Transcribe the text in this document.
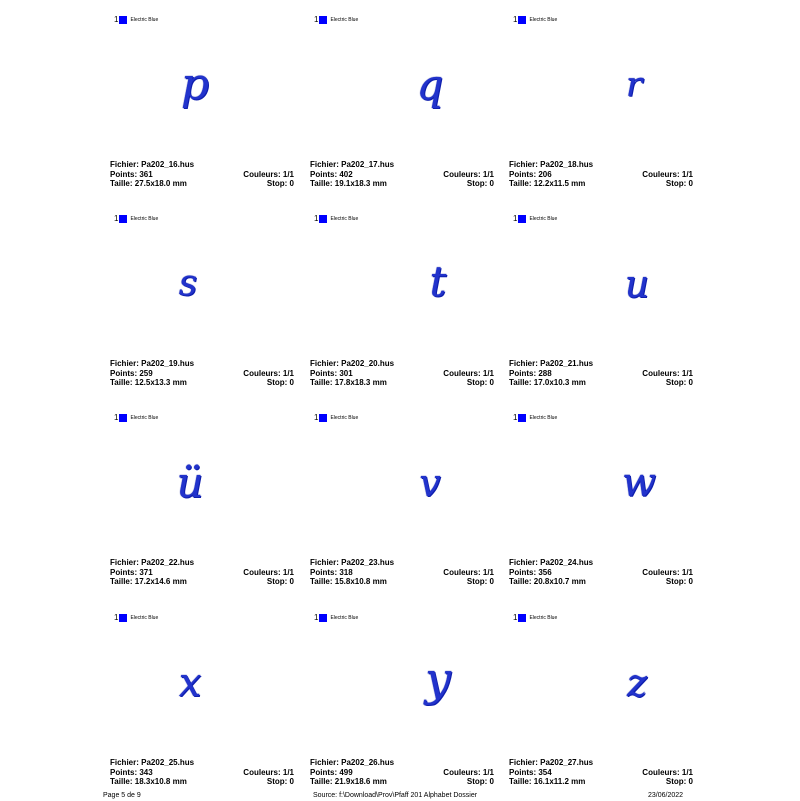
1 Electric Blue
p
Fichier: Pa202_16.hus
Points: 361	Couleurs: 1/1
Taille: 27.5x18.0 mm	Stop: 0
1 Electric Blue
q
Fichier: Pa202_17.hus
Points: 402	Couleurs: 1/1
Taille: 19.1x18.3 mm	Stop: 0
1 Electric Blue
r
Fichier: Pa202_18.hus
Points: 206	Couleurs: 1/1
Taille: 12.2x11.5 mm	Stop: 0
1 Electric Blue
s
Fichier: Pa202_19.hus
Points: 259	Couleurs: 1/1
Taille: 12.5x13.3 mm	Stop: 0
1 Electric Blue
t
Fichier: Pa202_20.hus
Points: 301	Couleurs: 1/1
Taille: 17.8x18.3 mm	Stop: 0
1 Electric Blue
u
Fichier: Pa202_21.hus
Points: 288	Couleurs: 1/1
Taille: 17.0x10.3 mm	Stop: 0
1 Electric Blue
ü
Fichier: Pa202_22.hus
Points: 371	Couleurs: 1/1
Taille: 17.2x14.6 mm	Stop: 0
1 Electric Blue
v
Fichier: Pa202_23.hus
Points: 318	Couleurs: 1/1
Taille: 15.8x10.8 mm	Stop: 0
1 Electric Blue
w
Fichier: Pa202_24.hus
Points: 356	Couleurs: 1/1
Taille: 20.8x10.7 mm	Stop: 0
1 Electric Blue
x
Fichier: Pa202_25.hus
Points: 343	Couleurs: 1/1
Taille: 18.3x10.8 mm	Stop: 0
1 Electric Blue
y
Fichier: Pa202_26.hus
Points: 499	Couleurs: 1/1
Taille: 21.9x18.6 mm	Stop: 0
1 Electric Blue
z
Fichier: Pa202_27.hus
Points: 354	Couleurs: 1/1
Taille: 16.1x11.2 mm	Stop: 0
Page 5 de 9	Source: f:\Download\Prov\Pfaff 201 Alphabet Dossier	23/06/2022
